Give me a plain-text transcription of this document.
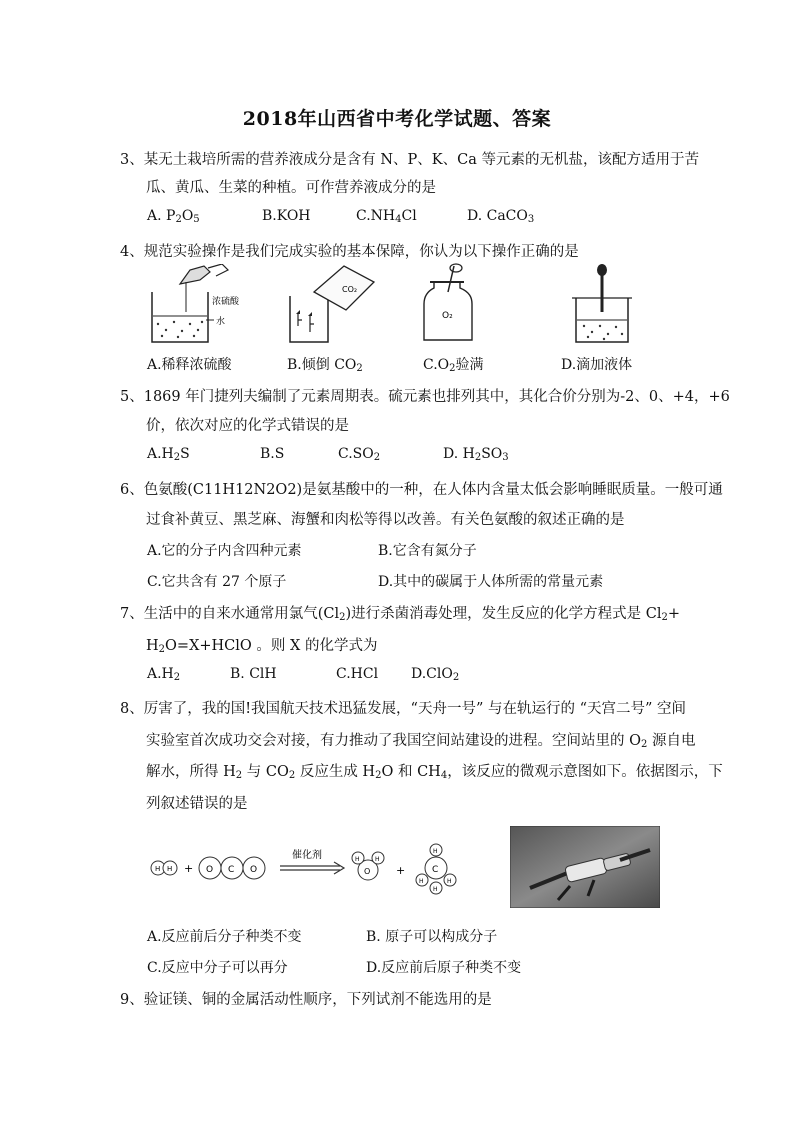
2018年山西省中考化学试题、答案
3、某无土栽培所需的营养液成分是含有 N、P、K、Ca 等元素的无机盐，该配方适用于苦
瓜、黄瓜、生菜的种植。可作营养液成分的是
A. $P_2O_5$	B.KOH	$C.NH_4Cl$	D. CaCO$_3$
4、规范实验操作是我们完成实验的基本保障，你认为以下操作正确的是
浓硫酸
水
CO₂
O₂
A.稀释浓硫酸	B.倾倒 $CO_2$	$C.O_2$验满	D.滴加液体
5、1869 年门捷列夫编制了元素周期表。硫元素也排列其中，其化合价分别为-2、0、+4，+6
价，依次对应的化学式错误的是
$A.H_2S$	B.S	$C.SO_2$	D. $H_2SO_3$
6、色氨酸(C11H12N2O2)是氨基酸中的一种，在人体内含量太低会影响睡眠质量。一般可通
过食补黄豆、黑芝麻、海蟹和肉松等得以改善。有关色氨酸的叙述正确的是
A.它的分子内含四种元素	B.它含有氮分子
C.它共含有 27 个原子	D.其中的碳属于人体所需的常量元素
7、生活中的自来水通常用氯气$(Cl_2)$进行杀菌消毒处理，发生反应的化学方程式是 $Cl_2+$
$H_2O=X+HClO$ 。则 X 的化学式为
$A.H_2$	B. ClH	C.HCl D.ClO$_2$
8、厉害了，我的国!我国航天技术迅猛发展，“天舟一号” 与在轨运行的 “天宫二号” 空间
实验室首次成功交会对接，有力推动了我国空间站建设的进程。空间站里的 $O_2$ 源自电
解水，所得 $H_2$ 与 $CO_2$ 反应生成 $H_2O$ 和 $CH_4$，该反应的微观示意图如下。依据图示，下
列叙述错误的是
H H + O C O
催化剂
O
H	H
+	C
H
H	H
H
A.反应前后分子种类不变	B. 原子可以构成分子
C.反应中分子可以再分	D.反应前后原子种类不变
9、验证镁、铜的金属活动性顺序，下列试剂不能选用的是
